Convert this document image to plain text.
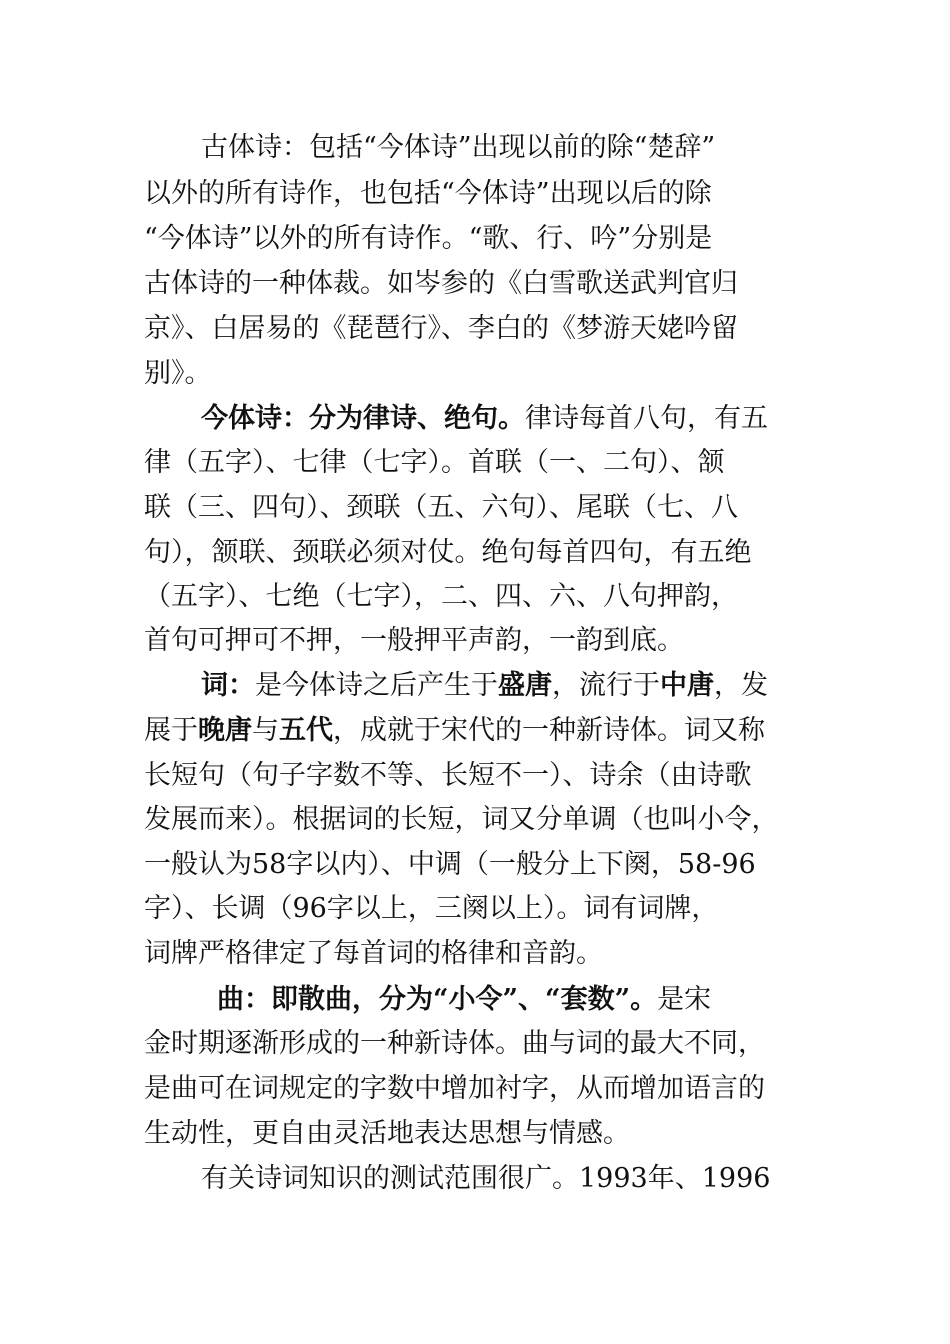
古体诗：包括“今体诗”出现以前的除“楚辞”
以外的所有诗作，也包括“今体诗”出现以后的除
“今体诗”以外的所有诗作。“歌、行、吟”分别是
古体诗的一种体裁。如岑参的《白雪歌送武判官归
京》、白居易的《琵琶行》、李白的《梦游天姥吟留
别》。
今体诗：分为律诗、绝句。律诗每首八句，有五
律（五字）、七律（七字）。首联（一、二句）、颔
联（三、四句）、颈联（五、六句）、尾联（七、八
句），颔联、颈联必须对仗。绝句每首四句，有五绝
（五字）、七绝（七字），二、四、六、八句押韵，
首句可押可不押，一般押平声韵，一韵到底。
词：是今体诗之后产生于盛唐，流行于中唐，发
展于晚唐与五代，成就于宋代的一种新诗体。词又称
长短句（句子字数不等、长短不一）、诗余（由诗歌
发展而来）。根据词的长短，词又分单调（也叫小令，
一般认为58字以内）、中调（一般分上下阕，58-96
字）、长调（96字以上，三阕以上）。词有词牌，
词牌严格律定了每首词的格律和音韵。
曲：即散曲，分为“小令”、“套数”。是宋
金时期逐渐形成的一种新诗体。曲与词的最大不同，
是曲可在词规定的字数中增加衬字，从而增加语言的
生动性，更自由灵活地表达思想与情感。
有关诗词知识的测试范围很广。1993年、1996
